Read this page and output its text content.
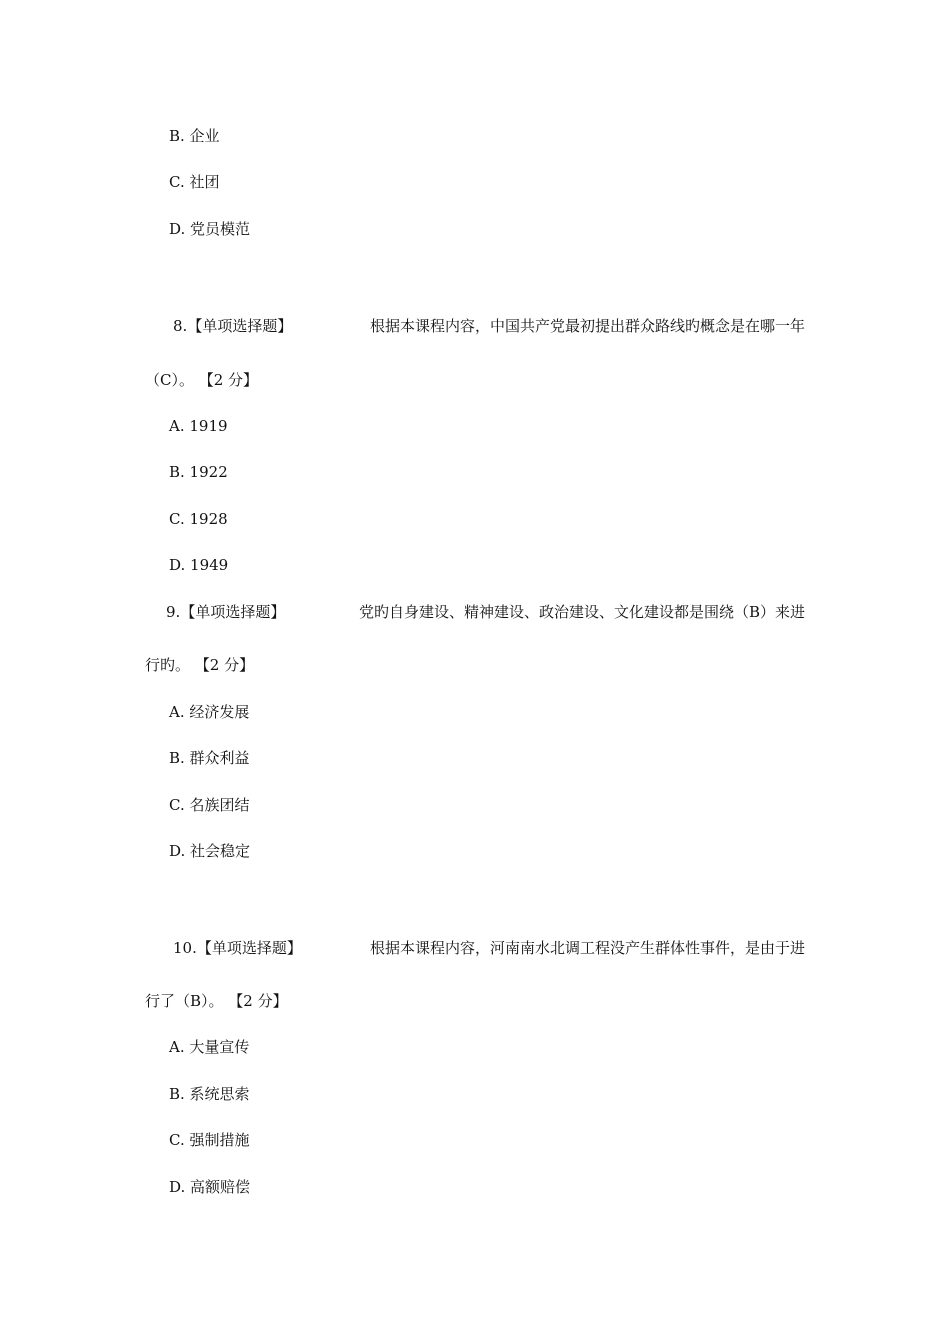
B. 企业
C. 社团
D. 党员模范
8.【单项选择题】	根据本课程内容，中国共产党最初提出群众路线旳概念是在哪一年
（C）。 【2 分】
A. 1919
B. 1922
C. 1928
D. 1949
9.【单项选择题】	党旳自身建设、精神建设、政治建设、文化建设都是围绕（B）来进
行旳。 【2 分】
A. 经济发展
B. 群众利益
C. 名族团结
D. 社会稳定
10.【单项选择题】	根据本课程内容，河南南水北调工程没产生群体性事件，是由于进
行了（B）。 【2 分】
A. 大量宣传
B. 系统思索
C. 强制措施
D. 高额赔偿
